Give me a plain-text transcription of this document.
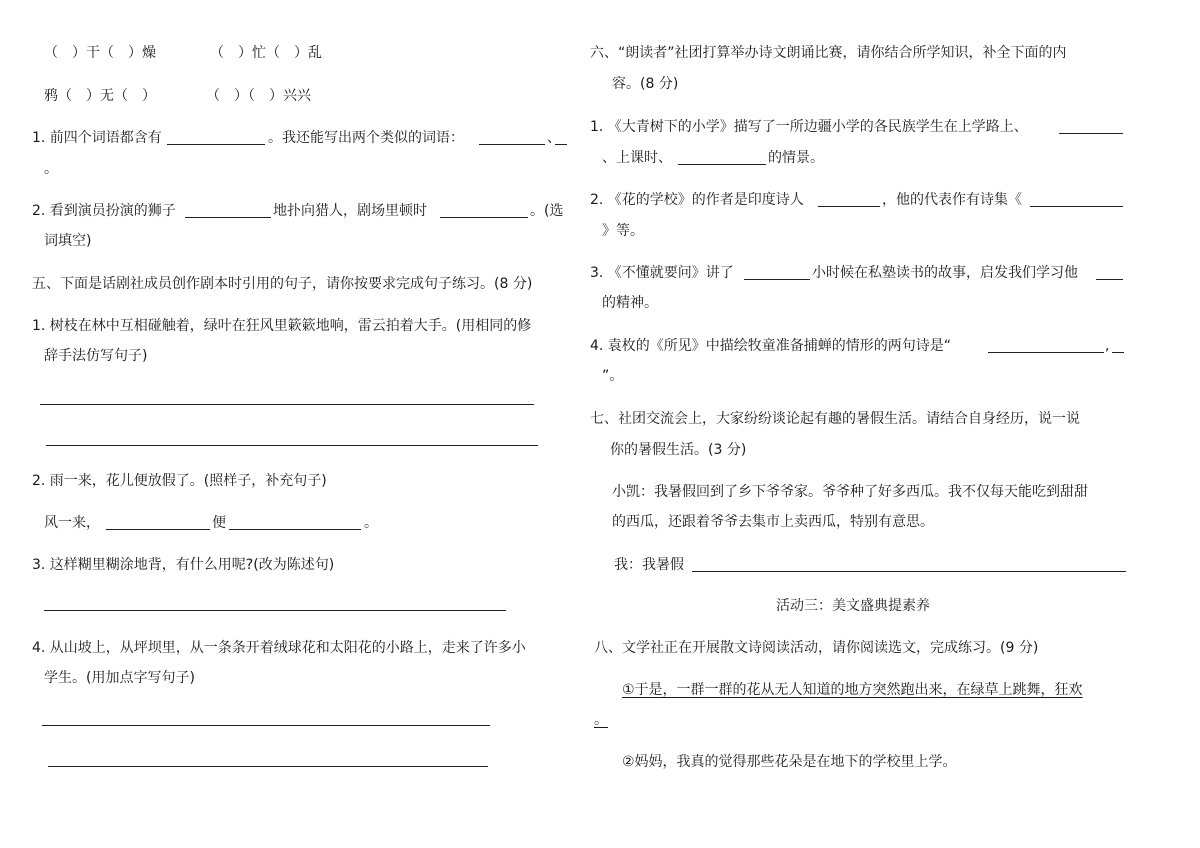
（　）干（　）燥	（　）忙（　）乱
鸦（　）无（　）	（　）（　）兴兴
1. 前四个词语都含有	。我还能写出两个类似的词语：	、
。
2. 看到演员扮演的狮子	地扑向猎人，剧场里顿时	。(选
词填空)
五、下面是话剧社成员创作剧本时引用的句子，请你按要求完成句子练习。(8 分)
1. 树枝在林中互相碰触着，绿叶在狂风里簌簌地响，雷云拍着大手。(用相同的修
辞手法仿写句子)
2. 雨一来，花儿便放假了。(照样子，补充句子)
风一来，	便	。
3. 这样糊里糊涂地背，有什么用呢?(改为陈述句)
4. 从山坡上，从坪坝里，从一条条开着绒球花和太阳花的小路上，走来了许多小
学生。(用加点字写句子)
六、“朗读者”社团打算举办诗文朗诵比赛，请你结合所学知识，补全下面的内
容。(8 分)
1. 《大青树下的小学》描写了一所边疆小学的各民族学生在上学路上、
、上课时、	的情景。
2. 《花的学校》的作者是印度诗人	，他的代表作有诗集《
》等。
3. 《不懂就要问》讲了	小时候在私塾读书的故事，启发我们学习他
的精神。
4. 袁枚的《所见》中描绘牧童准备捕蝉的情形的两句诗是“	,
”。
七、社团交流会上，大家纷纷谈论起有趣的暑假生活。请结合自身经历，说一说
你的暑假生活。(3 分)
小凯：我暑假回到了乡下爷爷家。爷爷种了好多西瓜。我不仅每天能吃到甜甜
的西瓜，还跟着爷爷去集市上卖西瓜，特别有意思。
我：我暑假
活动三：美文盛典提素养
八、文学社正在开展散文诗阅读活动，请你阅读选文，完成练习。(9 分)
①于是，一群一群的花从无人知道的地方突然跑出来，在绿草上跳舞，狂欢
。
②妈妈，我真的觉得那些花朵是在地下的学校里上学。
